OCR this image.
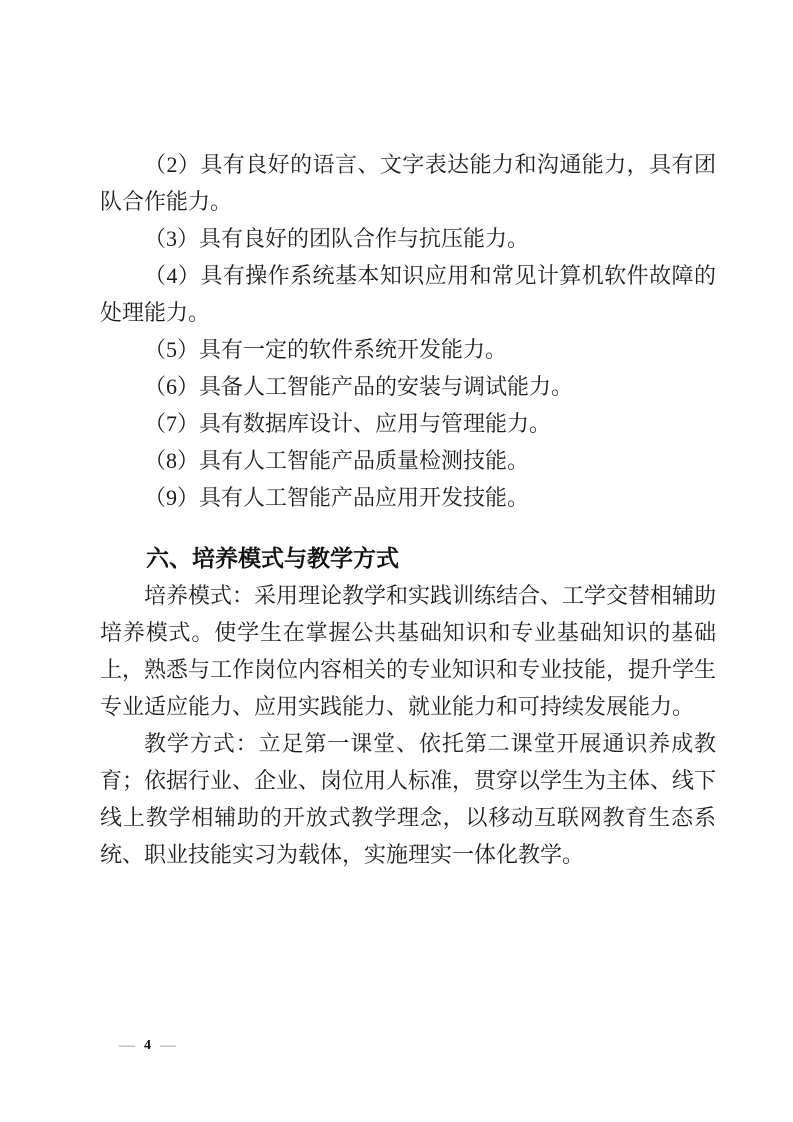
（2）具有良好的语言、文字表达能力和沟通能力，具有团队合作能力。

（3）具有良好的团队合作与抗压能力。

（4）具有操作系统基本知识应用和常见计算机软件故障的处理能力。

（5）具有一定的软件系统开发能力。

（6）具备人工智能产品的安装与调试能力。

（7）具有数据库设计、应用与管理能力。

（8）具有人工智能产品质量检测技能。

（9）具有人工智能产品应用开发技能。

六、培养模式与教学方式

培养模式：采用理论教学和实践训练结合、工学交替相辅助培养模式。使学生在掌握公共基础知识和专业基础知识的基础上，熟悉与工作岗位内容相关的专业知识和专业技能，提升学生专业适应能力、应用实践能力、就业能力和可持续发展能力。

教学方式：立足第一课堂、依托第二课堂开展通识养成教育；依据行业、企业、岗位用人标准，贯穿以学生为主体、线下线上教学相辅助的开放式教学理念，以移动互联网教育生态系统、职业技能实习为载体，实施理实一体化教学。

— 4 —
